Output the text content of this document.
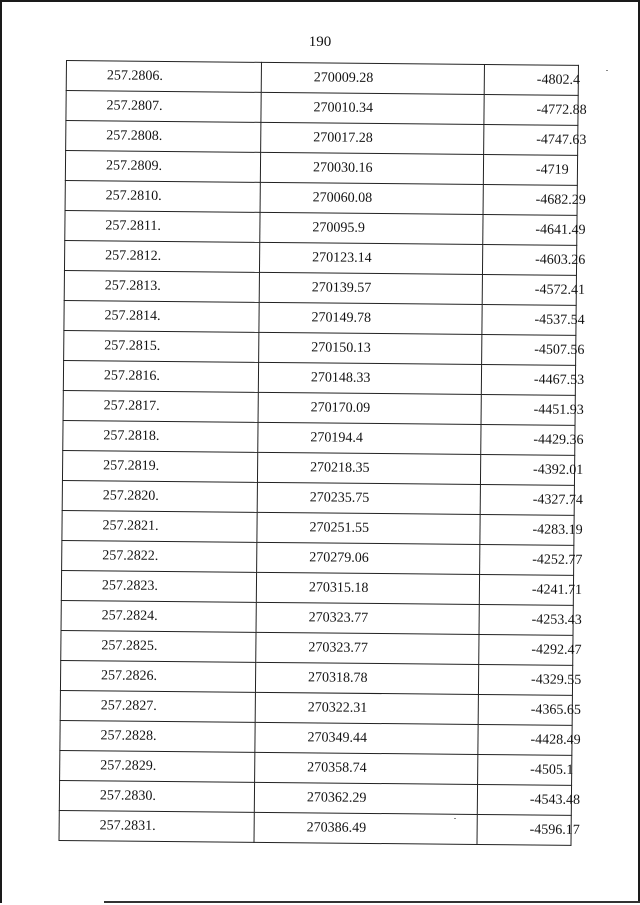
190
257.2806.	270009.28	-4802.4
257.2807.	270010.34	-4772.88
257.2808.	270017.28	-4747.63
257.2809.	270030.16	-4719
257.2810.	270060.08	-4682.29
257.2811.	270095.9	-4641.49
257.2812.	270123.14	-4603.26
257.2813.	270139.57	-4572.41
257.2814.	270149.78	-4537.54
257.2815.	270150.13	-4507.56
257.2816.	270148.33	-4467.53
257.2817.	270170.09	-4451.93
257.2818.	270194.4	-4429.36
257.2819.	270218.35	-4392.01
257.2820.	270235.75	-4327.74
257.2821.	270251.55	-4283.19
257.2822.	270279.06	-4252.77
257.2823.	270315.18	-4241.71
257.2824.	270323.77	-4253.43
257.2825.	270323.77	-4292.47
257.2826.	270318.78	-4329.55
257.2827.	270322.31	-4365.65
257.2828.	270349.44	-4428.49
257.2829.	270358.74	-4505.1
257.2830.	270362.29	-4543.48
257.2831.	270386.49	-4596.17
